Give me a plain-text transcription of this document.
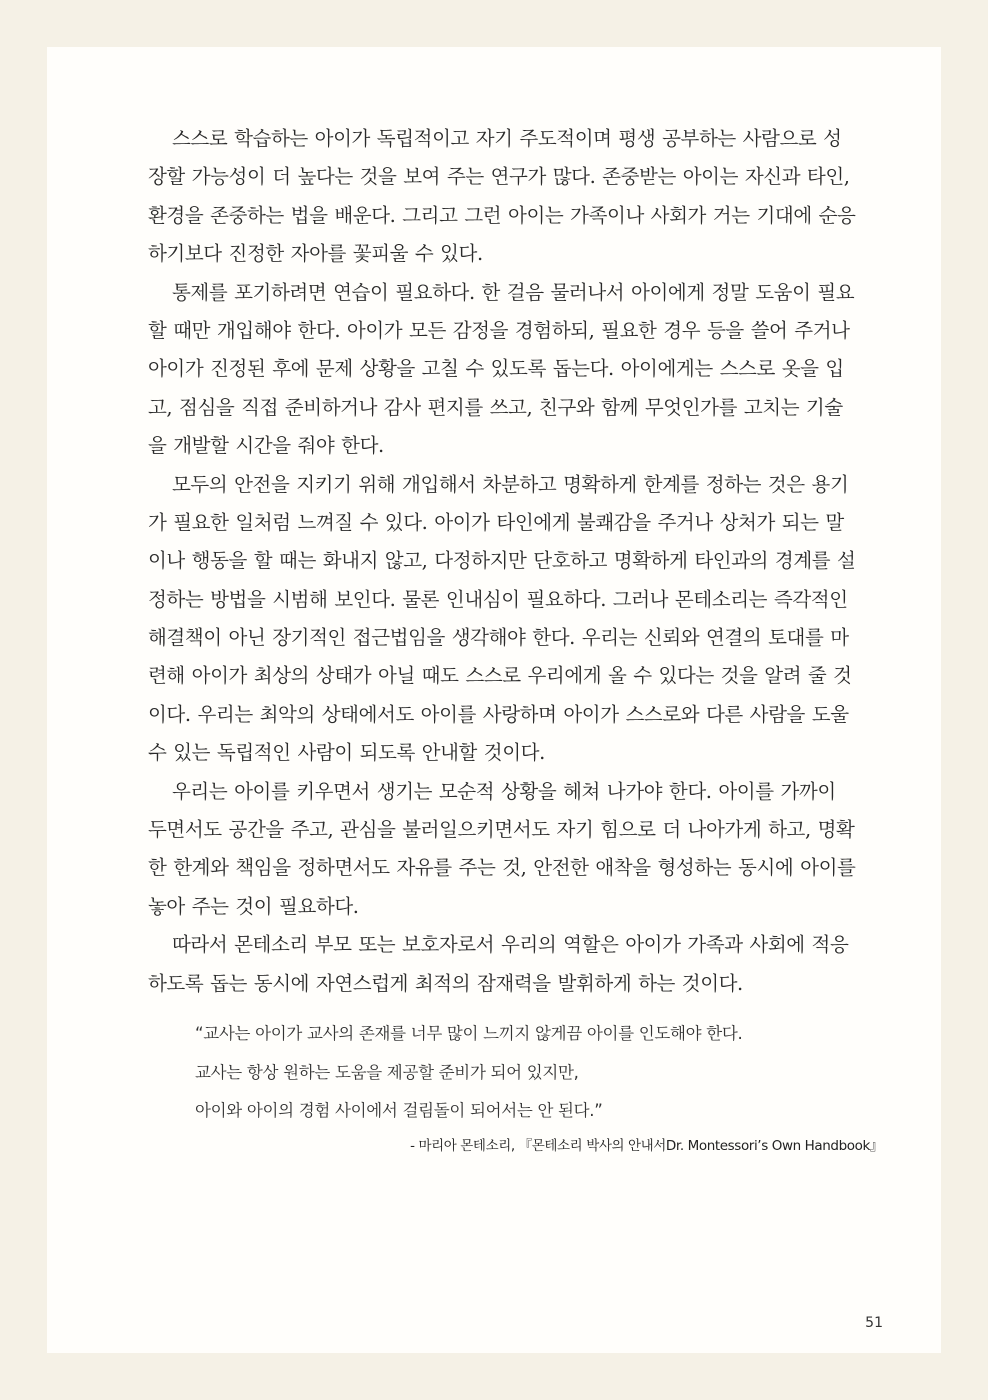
스스로 학습하는 아이가 독립적이고 자기 주도적이며 평생 공부하는 사람으로 성
장할 가능성이 더 높다는 것을 보여 주는 연구가 많다. 존중받는 아이는 자신과 타인,
환경을 존중하는 법을 배운다. 그리고 그런 아이는 가족이나 사회가 거는 기대에 순응
하기보다 진정한 자아를 꽃피울 수 있다.
통제를 포기하려면 연습이 필요하다. 한 걸음 물러나서 아이에게 정말 도움이 필요
할 때만 개입해야 한다. 아이가 모든 감정을 경험하되, 필요한 경우 등을 쓸어 주거나
아이가 진정된 후에 문제 상황을 고칠 수 있도록 돕는다. 아이에게는 스스로 옷을 입
고, 점심을 직접 준비하거나 감사 편지를 쓰고, 친구와 함께 무엇인가를 고치는 기술
을 개발할 시간을 줘야 한다.
모두의 안전을 지키기 위해 개입해서 차분하고 명확하게 한계를 정하는 것은 용기
가 필요한 일처럼 느껴질 수 있다. 아이가 타인에게 불쾌감을 주거나 상처가 되는 말
이나 행동을 할 때는 화내지 않고, 다정하지만 단호하고 명확하게 타인과의 경계를 설
정하는 방법을 시범해 보인다. 물론 인내심이 필요하다. 그러나 몬테소리는 즉각적인
해결책이 아닌 장기적인 접근법임을 생각해야 한다. 우리는 신뢰와 연결의 토대를 마
련해 아이가 최상의 상태가 아닐 때도 스스로 우리에게 올 수 있다는 것을 알려 줄 것
이다. 우리는 최악의 상태에서도 아이를 사랑하며 아이가 스스로와 다른 사람을 도울
수 있는 독립적인 사람이 되도록 안내할 것이다.
우리는 아이를 키우면서 생기는 모순적 상황을 헤쳐 나가야 한다. 아이를 가까이
두면서도 공간을 주고, 관심을 불러일으키면서도 자기 힘으로 더 나아가게 하고, 명확
한 한계와 책임을 정하면서도 자유를 주는 것, 안전한 애착을 형성하는 동시에 아이를
놓아 주는 것이 필요하다.
따라서 몬테소리 부모 또는 보호자로서 우리의 역할은 아이가 가족과 사회에 적응
하도록 돕는 동시에 자연스럽게 최적의 잠재력을 발휘하게 하는 것이다.
“교사는 아이가 교사의 존재를 너무 많이 느끼지 않게끔 아이를 인도해야 한다.
교사는 항상 원하는 도움을 제공할 준비가 되어 있지만,
아이와 아이의 경험 사이에서 걸림돌이 되어서는 안 된다.”
- 마리아 몬테소리, 『몬테소리 박사의 안내서Dr. Montessori’s Own Handbook』
51
